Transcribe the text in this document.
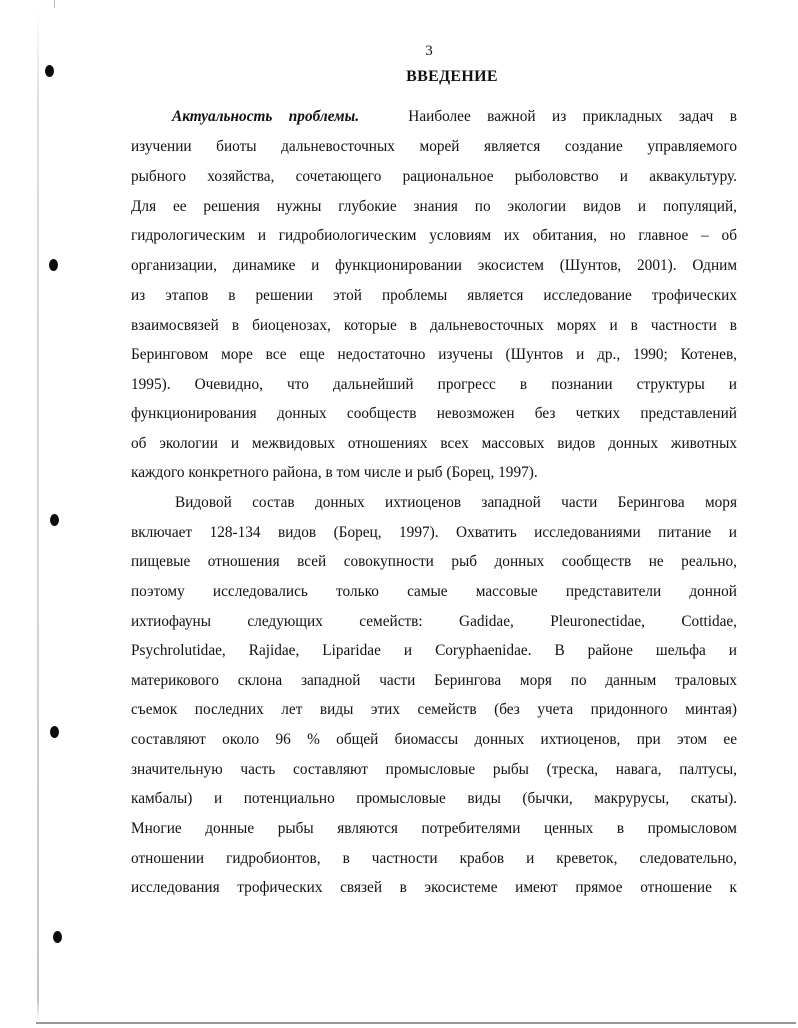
3
ВВЕДЕНИЕ
Актуальность проблемы.	Наиболее важной из прикладных задач в
изучении биоты дальневосточных морей является создание управляемого
рыбного хозяйства, сочетающего рациональное рыболовство и аквакультуру.
Для ее решения нужны глубокие знания по экологии видов и популяций,
гидрологическим и гидробиологическим условиям их обитания, но главное – об
организации, динамике и функционировании экосистем (Шунтов, 2001). Одним
из этапов в решении этой проблемы является исследование трофических
взаимосвязей в биоценозах, которые в дальневосточных морях и в частности в
Беринговом море все еще недостаточно изучены (Шунтов и др., 1990; Котенев,
1995). Очевидно, что дальнейший прогресс в познании структуры и
функционирования донных сообществ невозможен без четких представлений
об экологии и межвидовых отношениях всех массовых видов донных животных
каждого конкретного района, в том числе и рыб (Борец, 1997).
Видовой состав донных ихтиоценов западной части Берингова моря
включает 128-134 видов (Борец, 1997). Охватить исследованиями питание и
пищевые отношения всей совокупности рыб донных сообществ не реально,
поэтому исследовались только самые массовые представители донной
ихтиофауны следующих семейств: Gadidae, Pleuronectidae, Cottidae,
Psychrolutidae, Rajidae, Liparidae и Coryphaenidae. В районе шельфа и
материкового склона западной части Берингова моря по данным траловых
съемок последних лет виды этих семейств (без учета придонного минтая)
составляют около 96 % общей биомассы донных ихтиоценов, при этом ее
значительную часть составляют промысловые рыбы (треска, навага, палтусы,
камбалы) и потенциально промысловые виды (бычки, макрурусы, скаты).
Многие донные рыбы являются потребителями ценных в промысловом
отношении гидробионтов, в частности крабов и креветок, следовательно,
исследования трофических связей в экосистеме имеют прямое отношение к
